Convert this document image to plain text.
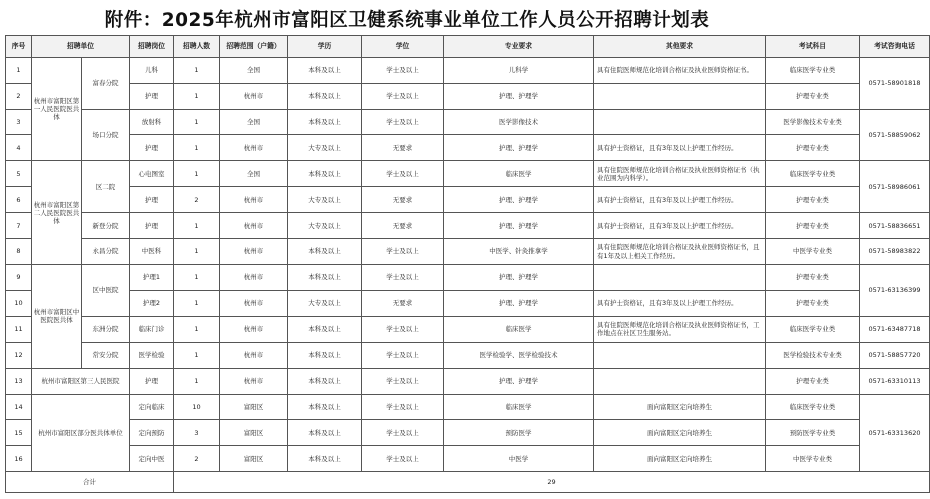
附件：2025年杭州市富阳区卫健系统事业单位工作人员公开招聘计划表
序号	招聘单位		招聘岗位	招聘人数	招聘范围（户籍）	学历	学位	专业要求	其他要求	考试科目	考试咨询电话
1	杭州市富阳区第一人民医院医共体	富春分院	儿科	1	全国	本科及以上	学士及以上	儿科学	具有住院医师规范化培训合格证及执业医师资格证书。	临床医学专业类	0571-58901818
2			护理	1	杭州市	本科及以上	学士及以上	护理、护理学		护理专业类	
3		场口分院	放射科	1	全国	本科及以上	学士及以上	医学影像技术		医学影像技术专业类	0571-58859062
4			护理	1	杭州市	大专及以上	无要求	护理、护理学	具有护士资格证，且有3年及以上护理工作经历。	护理专业类	
5	杭州市富阳区第二人民医院医共体	区二院	心电图室	1	全国	本科及以上	学士及以上	临床医学	具有住院医师规范化培训合格证及执业医师资格证书（执业范围为内科学）。	临床医学专业类	0571-58986061
6			护理	2	杭州市	大专及以上	无要求	护理、护理学	具有护士资格证，且有3年及以上护理工作经历。	护理专业类	
7		新登分院	护理	1	杭州市	大专及以上	无要求	护理、护理学	具有护士资格证，且有3年及以上护理工作经历。	护理专业类	0571-58836651
8		永昌分院	中医科	1	杭州市	本科及以上	学士及以上	中医学、针灸推拿学	具有住院医师规范化培训合格证及执业医师资格证书，且有1年及以上相关工作经历。	中医学专业类	0571-58983822
9	杭州市富阳区中医院医共体	区中医院	护理1	1	杭州市	本科及以上	学士及以上	护理、护理学		护理专业类	0571-63136399
10			护理2	1	杭州市	大专及以上	无要求	护理、护理学	具有护士资格证，且有3年及以上护理工作经历。	护理专业类	
11		东洲分院	临床门诊	1	杭州市	本科及以上	学士及以上	临床医学	具有住院医师规范化培训合格证及执业医师资格证书，工作地点在社区卫生服务站。	临床医学专业类	0571-63487718
12		常安分院	医学检验	1	杭州市	本科及以上	学士及以上	医学检验学、医学检验技术		医学检验技术专业类	0571-58857720
13	杭州市富阳区第三人民医院		护理	1	杭州市	本科及以上	学士及以上	护理、护理学		护理专业类	0571-63310113
14	杭州市富阳区部分医共体单位		定向临床	10	富阳区	本科及以上	学士及以上	临床医学	面向富阳区定向培养生	临床医学专业类	0571-63313620
15			定向预防	3	富阳区	本科及以上	学士及以上	预防医学	面向富阳区定向培养生	预防医学专业类	
16			定向中医	2	富阳区	本科及以上	学士及以上	中医学	面向富阳区定向培养生	中医学专业类	
合计				29							
